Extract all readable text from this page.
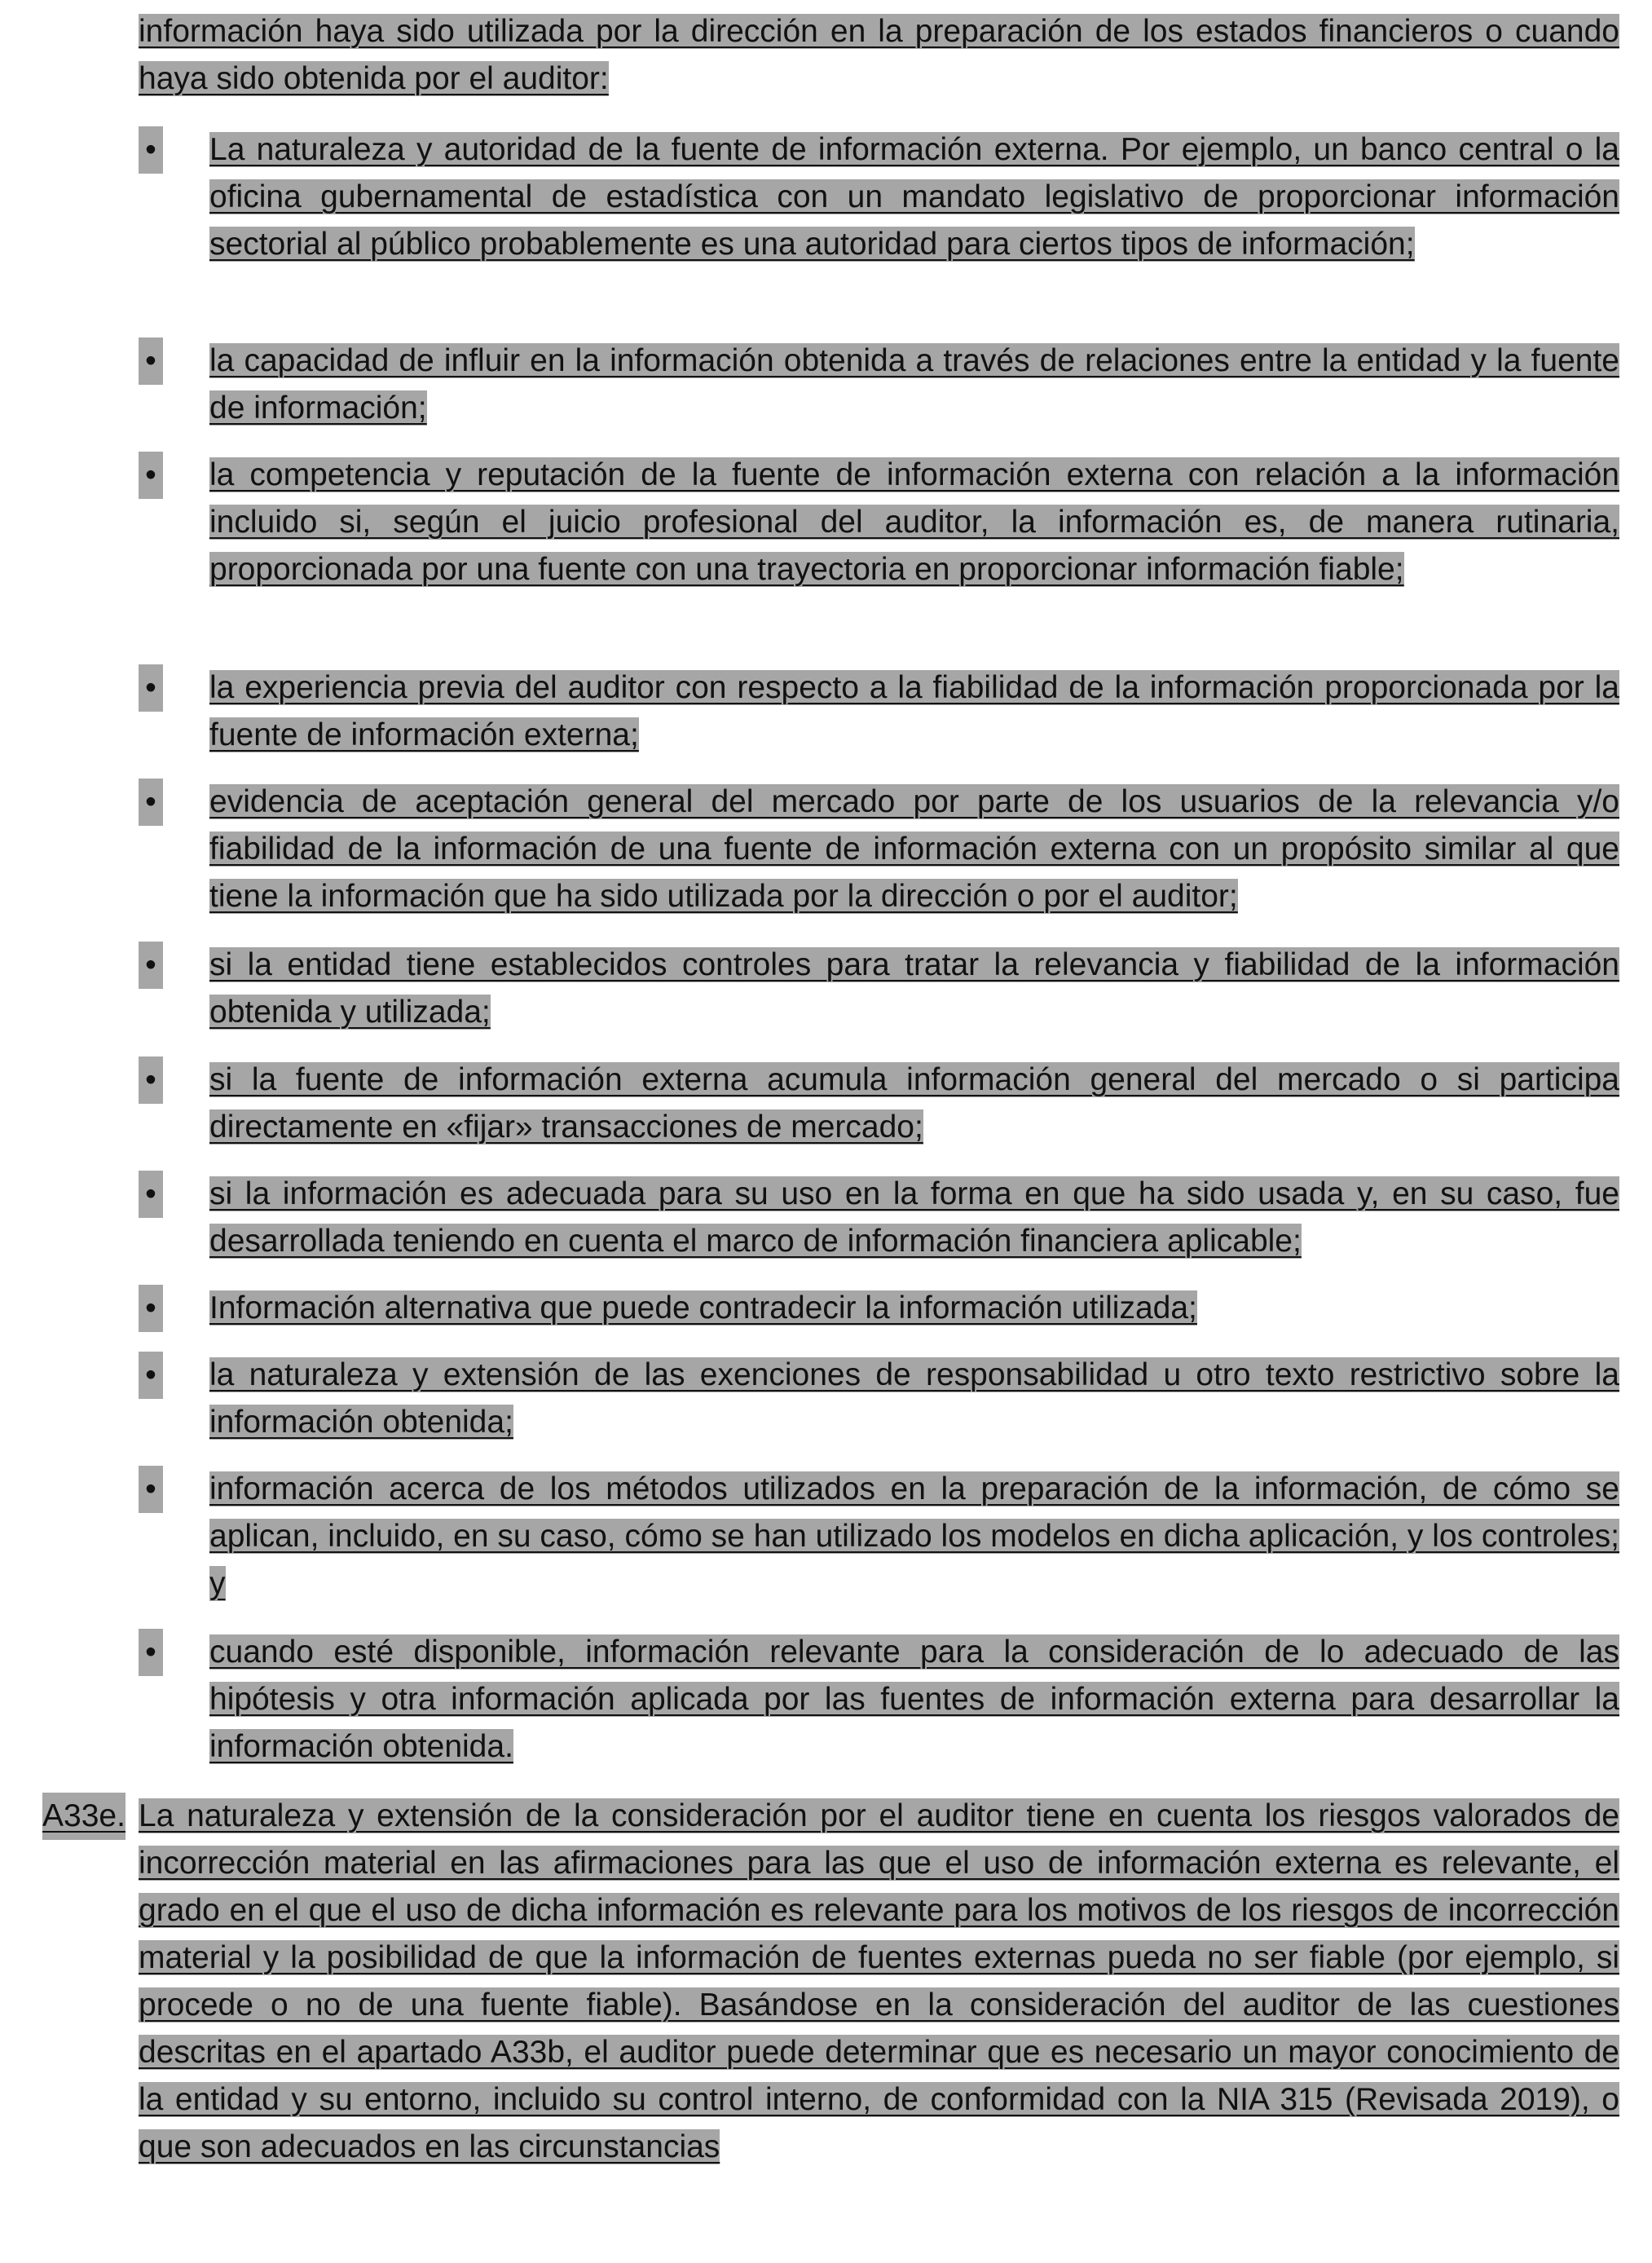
información haya sido utilizada por la dirección en la preparación de los estados financieros o cuando haya sido obtenida por el auditor:

• La naturaleza y autoridad de la fuente de información externa. Por ejemplo, un banco central o la oficina gubernamental de estadística con un mandato legislativo de proporcionar información sectorial al público probablemente es una autoridad para ciertos tipos de información;

• la capacidad de influir en la información obtenida a través de relaciones entre la entidad y la fuente de información;

• la competencia y reputación de la fuente de información externa con relación a la información incluido si, según el juicio profesional del auditor, la información es, de manera rutinaria, proporcionada por una fuente con una trayectoria en proporcionar información fiable;

• la experiencia previa del auditor con respecto a la fiabilidad de la información proporcionada por la fuente de información externa;

• evidencia de aceptación general del mercado por parte de los usuarios de la relevancia y/o fiabilidad de la información de una fuente de información externa con un propósito similar al que tiene la información que ha sido utilizada por la dirección o por el auditor;

• si la entidad tiene establecidos controles para tratar la relevancia y fiabilidad de la información obtenida y utilizada;

• si la fuente de información externa acumula información general del mercado o si participa directamente en «fijar» transacciones de mercado;

• si la información es adecuada para su uso en la forma en que ha sido usada y, en su caso, fue desarrollada teniendo en cuenta el marco de información financiera aplicable;

• Información alternativa que puede contradecir la información utilizada;

• la naturaleza y extensión de las exenciones de responsabilidad u otro texto restrictivo sobre la información obtenida;

• información acerca de los métodos utilizados en la preparación de la información, de cómo se aplican, incluido, en su caso, cómo se han utilizado los modelos en dicha aplicación, y los controles; y

• cuando esté disponible, información relevante para la consideración de lo adecuado de las hipótesis y otra información aplicada por las fuentes de información externa para desarrollar la información obtenida.

A33e. La naturaleza y extensión de la consideración por el auditor tiene en cuenta los riesgos valorados de incorrección material en las afirmaciones para las que el uso de información externa es relevante, el grado en el que el uso de dicha información es relevante para los motivos de los riesgos de incorrección material y la posibilidad de que la información de fuentes externas pueda no ser fiable (por ejemplo, si procede o no de una fuente fiable). Basándose en la consideración del auditor de las cuestiones descritas en el apartado A33b, el auditor puede determinar que es necesario un mayor conocimiento de la entidad y su entorno, incluido su control interno, de conformidad con la NIA 315 (Revisada 2019), o que son adecuados en las circunstancias
